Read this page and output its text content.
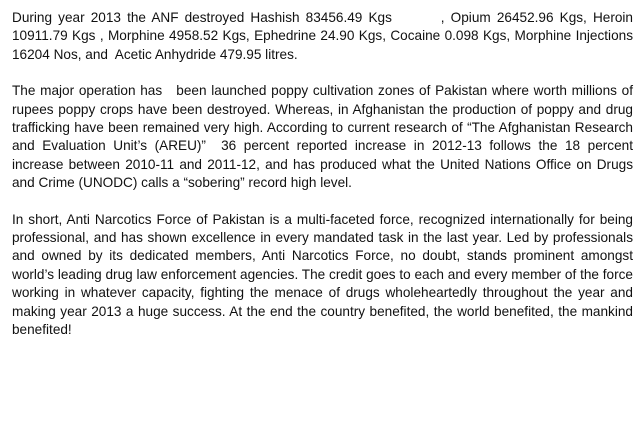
During year 2013 the ANF destroyed Hashish 83456.49 Kgs        , Opium 26452.96 Kgs, Heroin  10911.79 Kgs , Morphine 4958.52 Kgs, Ephedrine 24.90 Kgs, Cocaine 0.098 Kgs, Morphine Injections 16204 Nos, and  Acetic Anhydride 479.95 litres.

The major operation has   been launched poppy cultivation zones of Pakistan where worth millions of rupees poppy crops have been destroyed. Whereas, in Afghanistan the production of poppy and drug trafficking have been remained very high. According to current research of “The Afghanistan Research and Evaluation Unit’s (AREU)”  36 percent reported increase in 2012-13 follows the 18 percent increase between 2010-11 and 2011-12, and has produced what the United Nations Office on Drugs and Crime (UNODC) calls a “sobering” record high level.

In short, Anti Narcotics Force of Pakistan is a multi-faceted force, recognized internationally for being professional, and has shown excellence in every mandated task in the last year. Led by professionals and owned by its dedicated members, Anti Narcotics Force, no doubt, stands prominent amongst world’s leading drug law enforcement agencies. The credit goes to each and every member of the force working in whatever capacity, fighting the menace of drugs wholeheartedly throughout the year and making year 2013 a huge success. At the end the country benefited, the world benefited, the mankind benefited!
